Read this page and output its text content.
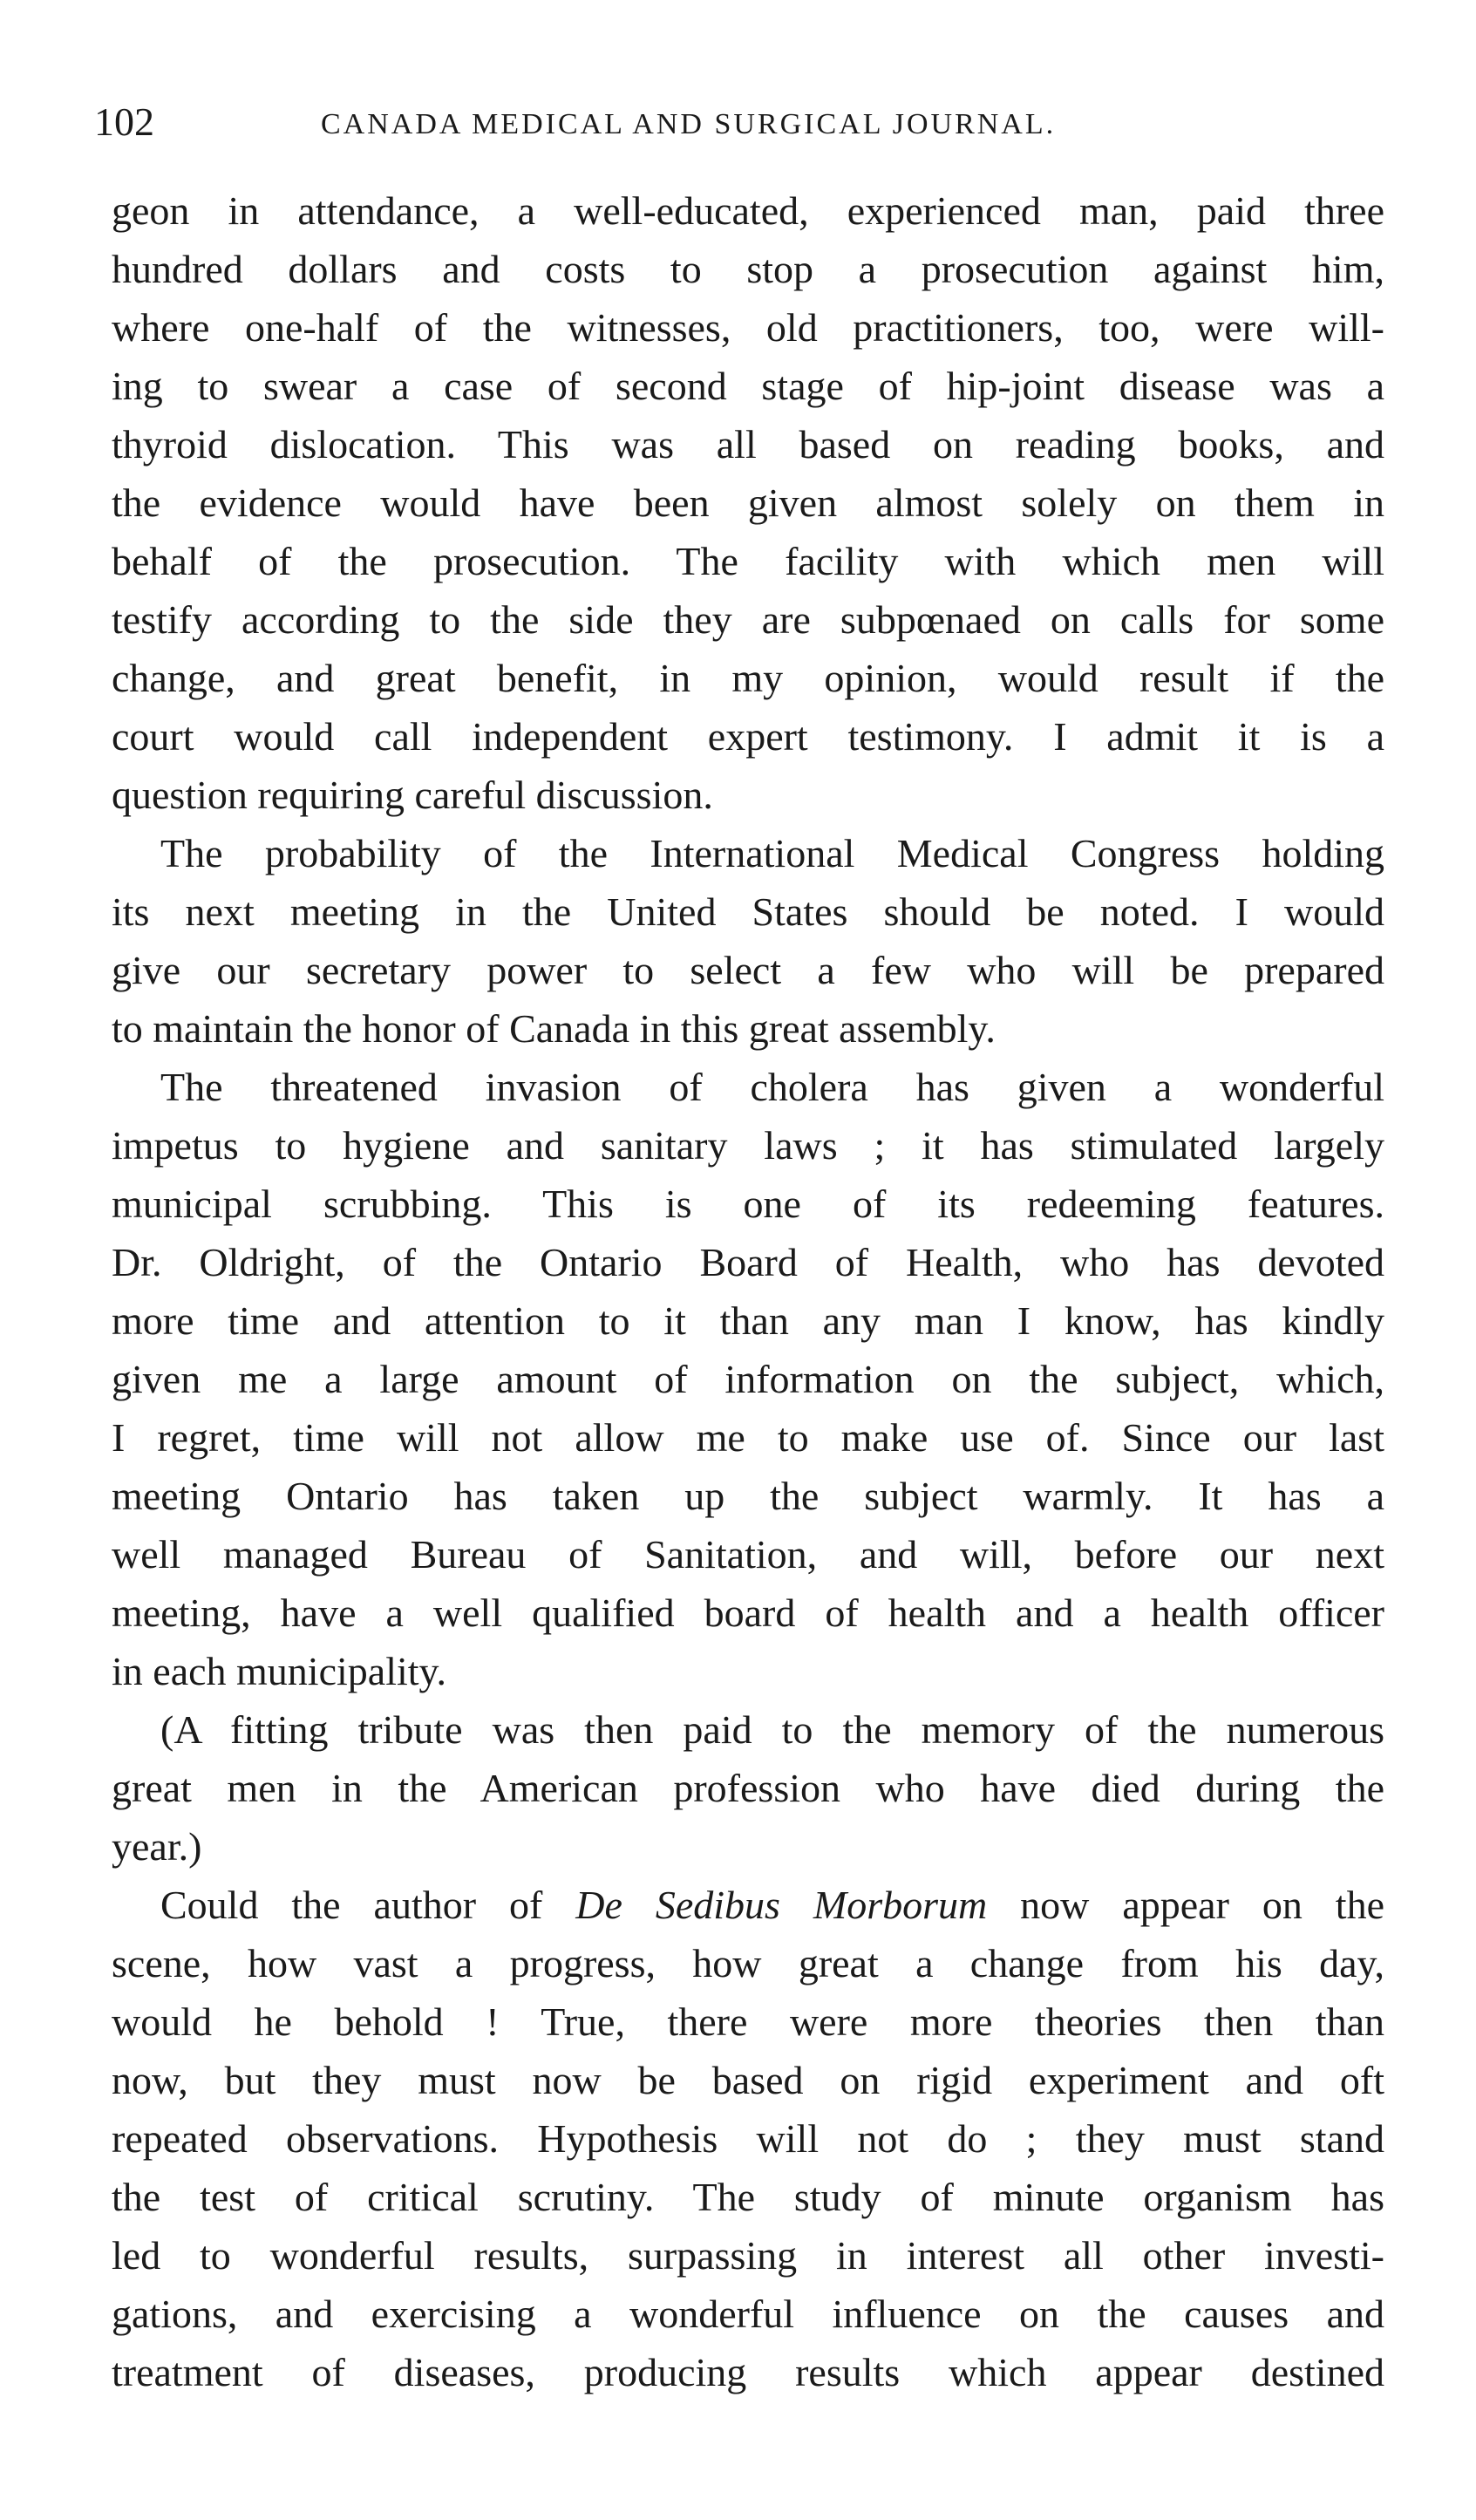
102	CANADA MEDICAL AND SURGICAL JOURNAL.
geon in attendance, a well-educated, experienced man, paid three
hundred dollars and costs to stop a prosecution against him,
where one-half of the witnesses, old practitioners, too, were will-
ing to swear a case of second stage of hip-joint disease was a
thyroid dislocation. This was all based on reading books, and
the evidence would have been given almost solely on them in
behalf of the prosecution. The facility with which men will
testify according to the side they are subpœnaed on calls for some
change, and great benefit, in my opinion, would result if the
court would call independent expert testimony. I admit it is a
question requiring careful discussion.
The probability of the International Medical Congress holding
its next meeting in the United States should be noted. I would
give our secretary power to select a few who will be prepared
to maintain the honor of Canada in this great assembly.
The threatened invasion of cholera has given a wonderful
impetus to hygiene and sanitary laws ; it has stimulated largely
municipal scrubbing. This is one of its redeeming features.
Dr. Oldright, of the Ontario Board of Health, who has devoted
more time and attention to it than any man I know, has kindly
given me a large amount of information on the subject, which,
I regret, time will not allow me to make use of. Since our last
meeting Ontario has taken up the subject warmly. It has a
well managed Bureau of Sanitation, and will, before our next
meeting, have a well qualified board of health and a health officer
in each municipality.
(A fitting tribute was then paid to the memory of the numerous
great men in the American profession who have died during the
year.)
Could the author of De Sedibus Morborum now appear on the
scene, how vast a progress, how great a change from his day,
would he behold ! True, there were more theories then than
now, but they must now be based on rigid experiment and oft
repeated observations. Hypothesis will not do ; they must stand
the test of critical scrutiny. The study of minute organism has
led to wonderful results, surpassing in interest all other investi-
gations, and exercising a wonderful influence on the causes and
treatment of diseases, producing results which appear destined
